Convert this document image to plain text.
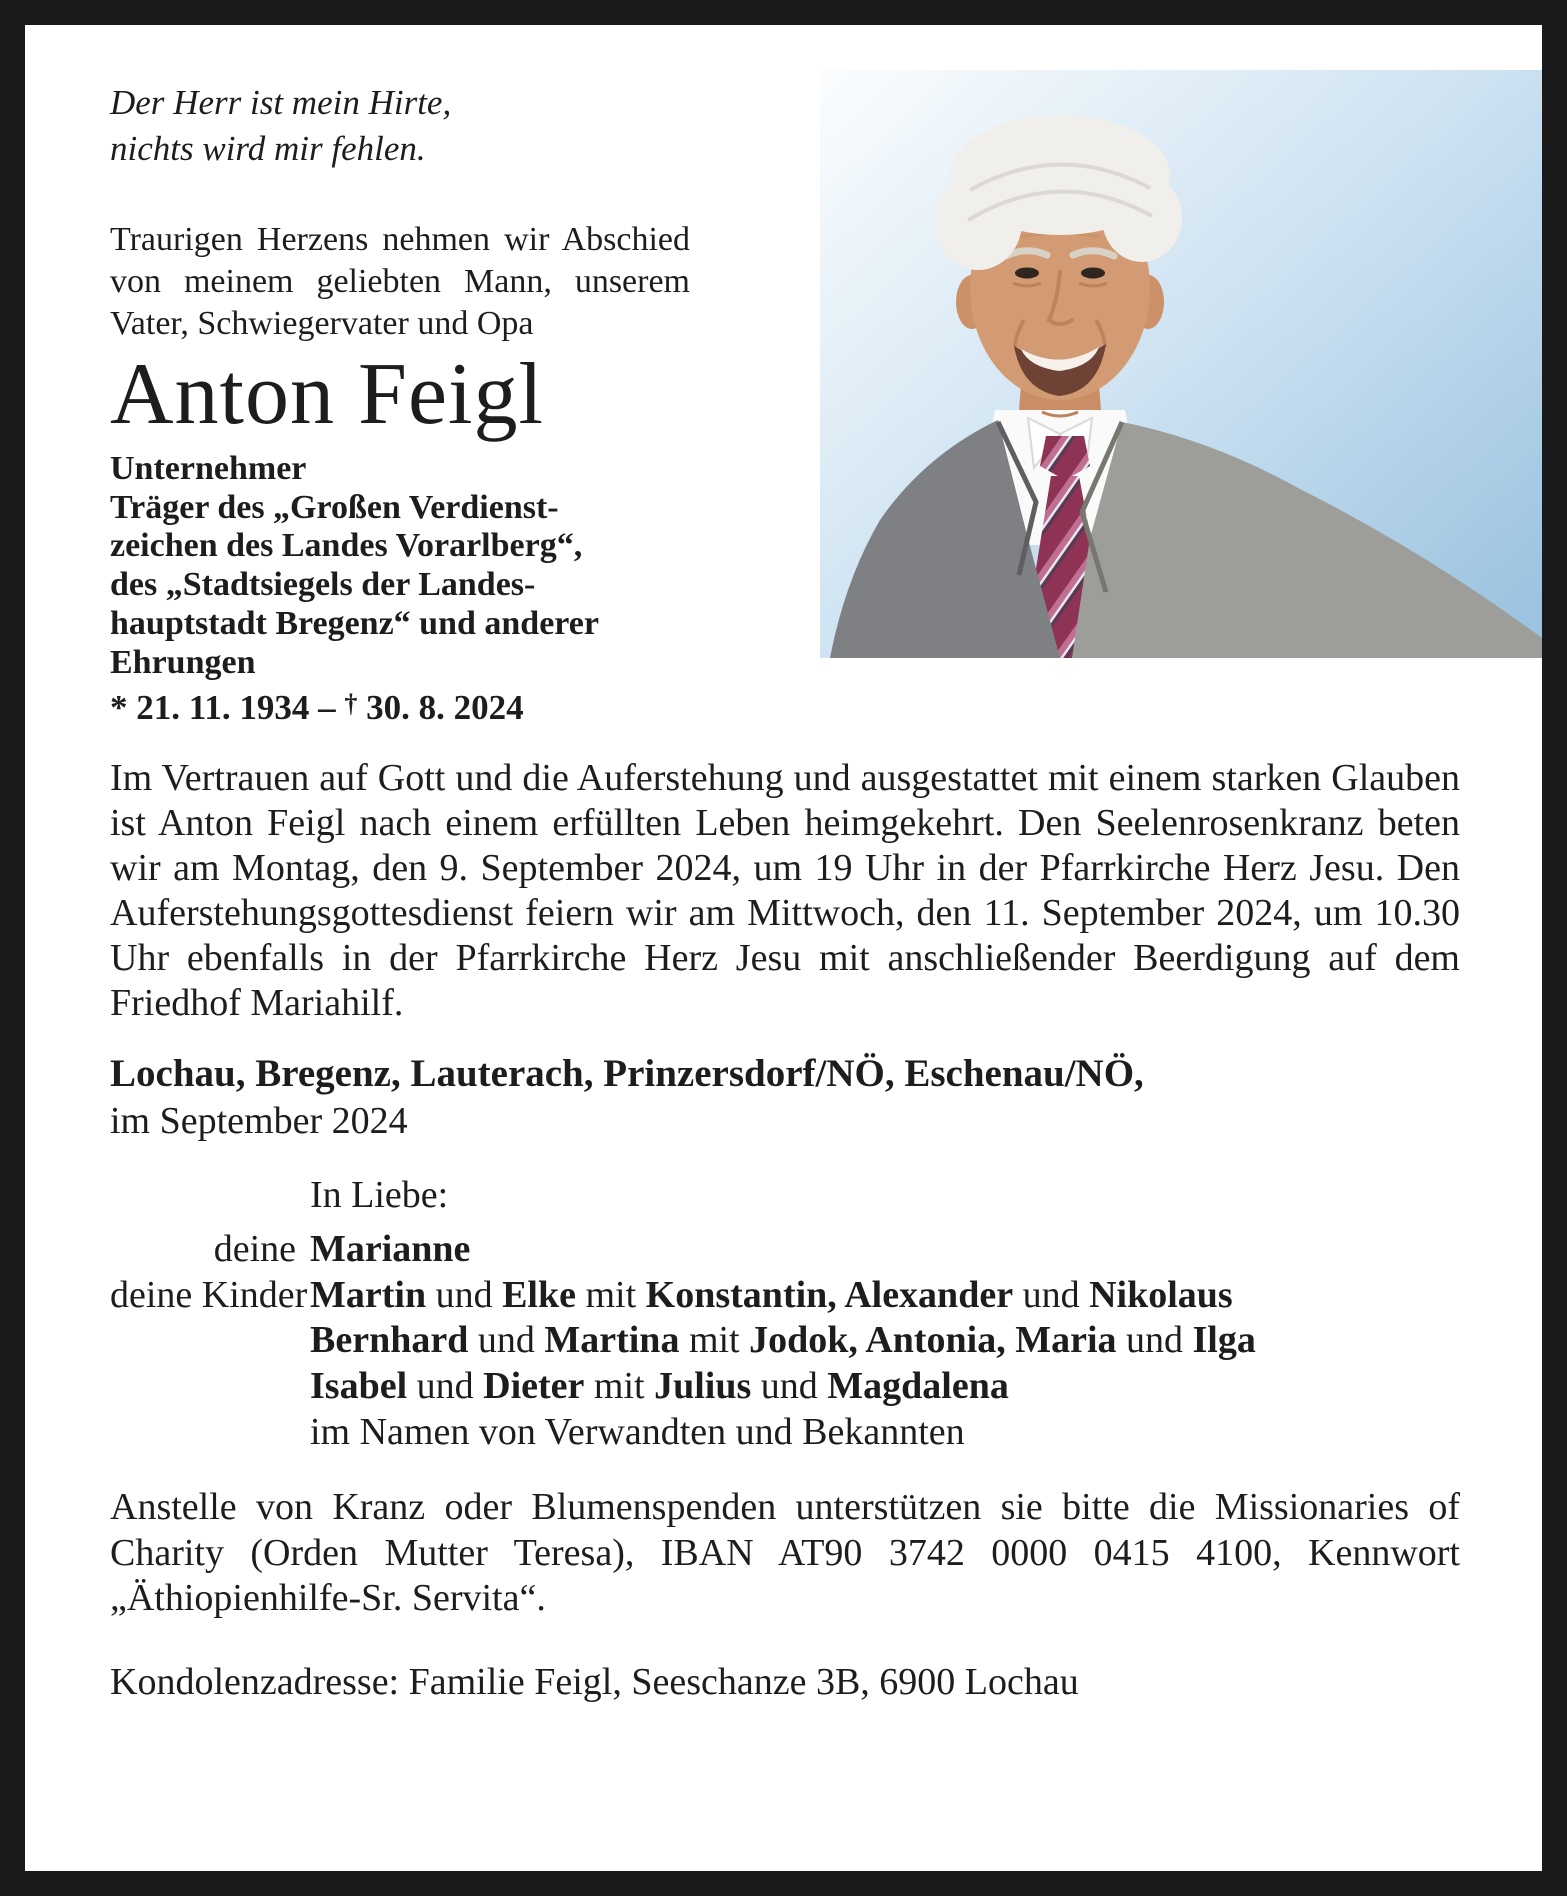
Der Herr ist mein Hirte,
nichts wird mir fehlen.
Traurigen Herzens nehmen wir Abschied von meinem geliebten Mann, unserem Vater, Schwiegervater und Opa
Anton Feigl
Unternehmer
Träger des „Großen Verdienst-
zeichen des Landes Vorarlberg“,
des „Stadtsiegels der Landes-
hauptstadt Bregenz“ und anderer
Ehrungen
* 21. 11. 1934 – † 30. 8. 2024
Im Vertrauen auf Gott und die Auferstehung und ausgestattet mit einem starken Glauben ist Anton Feigl nach einem erfüllten Leben heimgekehrt. Den Seelenrosenkranz beten wir am Montag, den 9. September 2024, um 19 Uhr in der Pfarrkirche Herz Jesu. Den Auferstehungsgottesdienst feiern wir am Mittwoch, den 11. September 2024, um 10.30 Uhr ebenfalls in der Pfarrkirche Herz Jesu mit anschließender Beerdigung auf dem Friedhof Mariahilf.
Lochau, Bregenz, Lauterach, Prinzersdorf/NÖ, Eschenau/NÖ,
im September 2024
In Liebe:
deine Marianne
deine Kinder Martin und Elke mit Konstantin, Alexander und Nikolaus
Bernhard und Martina mit Jodok, Antonia, Maria und Ilga
Isabel und Dieter mit Julius und Magdalena
im Namen von Verwandten und Bekannten
Anstelle von Kranz oder Blumenspenden unterstützen sie bitte die Missionaries of Charity (Orden Mutter Teresa), IBAN AT90 3742 0000 0415 4100, Kennwort „Äthiopienhilfe-Sr. Servita“.
Kondolenzadresse: Familie Feigl, Seeschanze 3B, 6900 Lochau
